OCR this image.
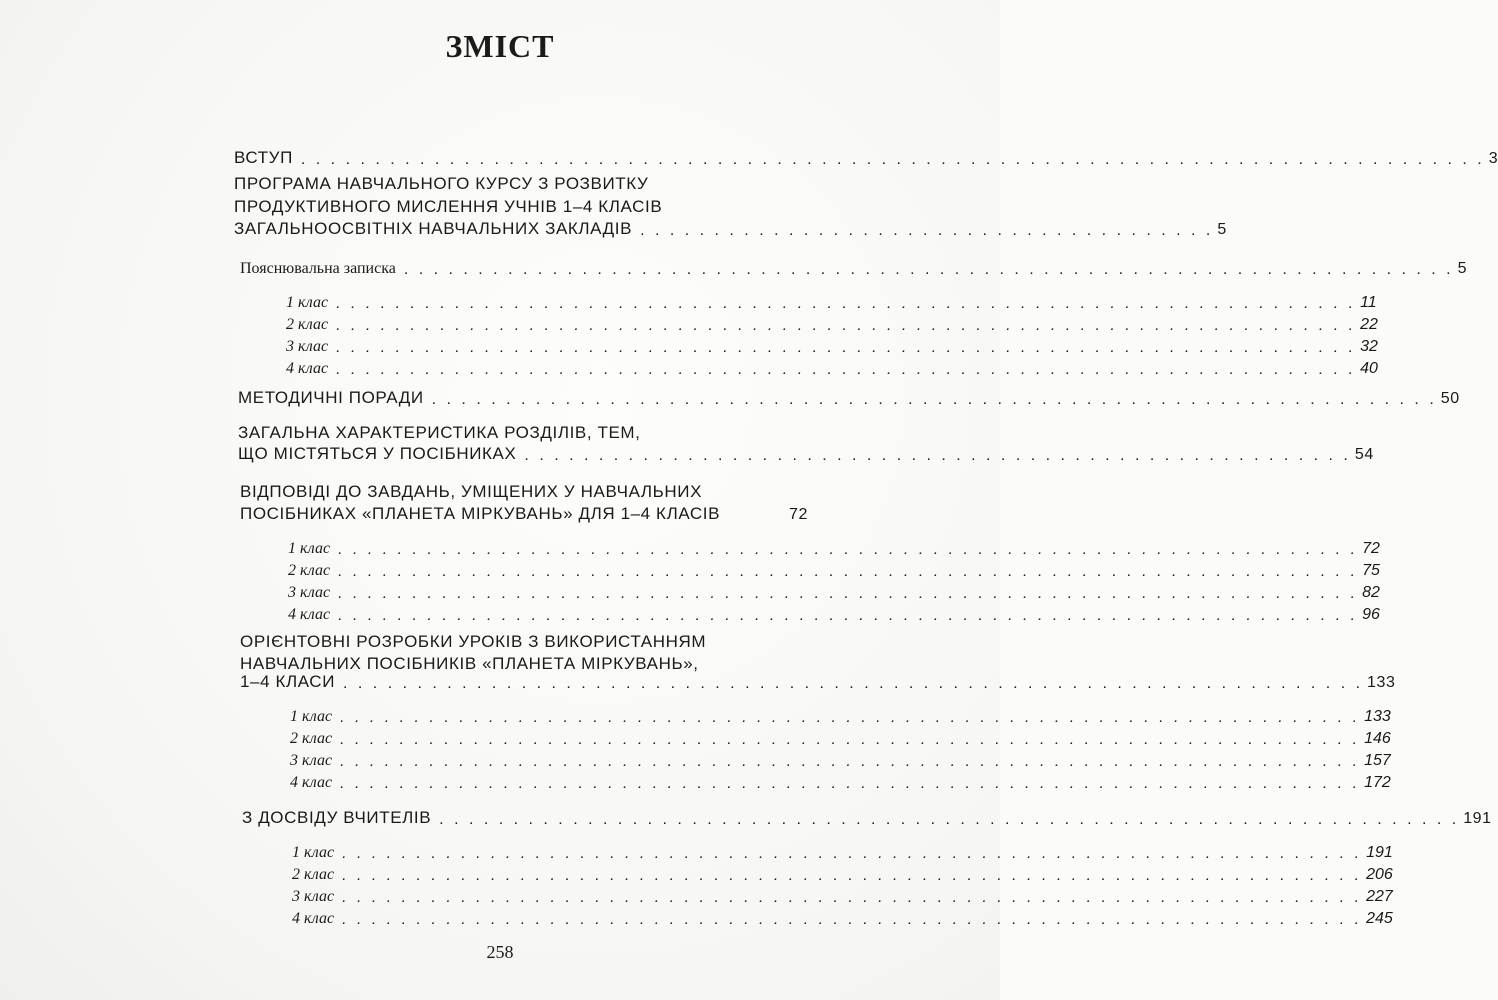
ЗМІСТ
ВСТУП . . . . . . . . . . . . . . . . . . . . . . . . . . . . . . . . . . . . . . . . . . . . . . . . . . . . . . . . . . . . . . . . . . . . . . . . . . . . . . . . 3
ПРОГРАМА НАВЧАЛЬНОГО КУРСУ З РОЗВИТКУ
ПРОДУКТИВНОГО МИСЛЕННЯ УЧНІВ 1–4 КЛАСІВ
ЗАГАЛЬНООСВІТНІХ НАВЧАЛЬНИХ ЗАКЛАДІВ . . . . . . . . . . . . . . . . . . . . . . . . . . . . . . . . . . . . . . . 5
Пояснювальна записка . . . . . . . . . . . . . . . . . . . . . . . . . . . . . . . . . . . . . . . . . . . . . . . . . . . . . . . . . . . . . . . . . . . . . . . 5
1 клас . . . . . . . . . . . . . . . . . . . . . . . . . . . . . . . . . . . . . . . . . . . . . . . . . . . . . . . . . . . . . . . . . . . . . 11
2 клас . . . . . . . . . . . . . . . . . . . . . . . . . . . . . . . . . . . . . . . . . . . . . . . . . . . . . . . . . . . . . . . . . . . . . 22
3 клас . . . . . . . . . . . . . . . . . . . . . . . . . . . . . . . . . . . . . . . . . . . . . . . . . . . . . . . . . . . . . . . . . . . . . 32
4 клас . . . . . . . . . . . . . . . . . . . . . . . . . . . . . . . . . . . . . . . . . . . . . . . . . . . . . . . . . . . . . . . . . . . . . 40
МЕТОДИЧНІ ПОРАДИ . . . . . . . . . . . . . . . . . . . . . . . . . . . . . . . . . . . . . . . . . . . . . . . . . . . . . . . . . . . . . . . . . . . . 50
ЗАГАЛЬНА ХАРАКТЕРИСТИКА РОЗДІЛІВ, ТЕМ,
ЩО МІСТЯТЬСЯ У ПОСІБНИКАХ . . . . . . . . . . . . . . . . . . . . . . . . . . . . . . . . . . . . . . . . . . . . . . . . . . . . . . . . 54
ВІДПОВІДІ ДО ЗАВДАНЬ, УМІЩЕНИХ У НАВЧАЛЬНИХ
ПОСІБНИКАХ «ПЛАНЕТА МІРКУВАНЬ» ДЛЯ 1–4 КЛАСІВ	72
1 клас . . . . . . . . . . . . . . . . . . . . . . . . . . . . . . . . . . . . . . . . . . . . . . . . . . . . . . . . . . . . . . . . . . . . . 72
2 клас . . . . . . . . . . . . . . . . . . . . . . . . . . . . . . . . . . . . . . . . . . . . . . . . . . . . . . . . . . . . . . . . . . . . . 75
3 клас . . . . . . . . . . . . . . . . . . . . . . . . . . . . . . . . . . . . . . . . . . . . . . . . . . . . . . . . . . . . . . . . . . . . . 82
4 клас . . . . . . . . . . . . . . . . . . . . . . . . . . . . . . . . . . . . . . . . . . . . . . . . . . . . . . . . . . . . . . . . . . . . . 96
ОРІЄНТОВНІ РОЗРОБКИ УРОКІВ З ВИКОРИСТАННЯМ
НАВЧАЛЬНИХ ПОСІБНИКІВ «ПЛАНЕТА МІРКУВАНЬ»,
1–4 КЛАСИ . . . . . . . . . . . . . . . . . . . . . . . . . . . . . . . . . . . . . . . . . . . . . . . . . . . . . . . . . . . . . . . . . . . . . 133
1 клас . . . . . . . . . . . . . . . . . . . . . . . . . . . . . . . . . . . . . . . . . . . . . . . . . . . . . . . . . . . . . . . . . . . . . 133
2 клас . . . . . . . . . . . . . . . . . . . . . . . . . . . . . . . . . . . . . . . . . . . . . . . . . . . . . . . . . . . . . . . . . . . . . 146
3 клас . . . . . . . . . . . . . . . . . . . . . . . . . . . . . . . . . . . . . . . . . . . . . . . . . . . . . . . . . . . . . . . . . . . . . 157
4 клас . . . . . . . . . . . . . . . . . . . . . . . . . . . . . . . . . . . . . . . . . . . . . . . . . . . . . . . . . . . . . . . . . . . . . 172
З ДОСВІДУ ВЧИТЕЛІВ . . . . . . . . . . . . . . . . . . . . . . . . . . . . . . . . . . . . . . . . . . . . . . . . . . . . . . . . . . . . . . . . . . . . . 191
1 клас . . . . . . . . . . . . . . . . . . . . . . . . . . . . . . . . . . . . . . . . . . . . . . . . . . . . . . . . . . . . . . . . . . . . . 191
2 клас . . . . . . . . . . . . . . . . . . . . . . . . . . . . . . . . . . . . . . . . . . . . . . . . . . . . . . . . . . . . . . . . . . . . . 206
3 клас . . . . . . . . . . . . . . . . . . . . . . . . . . . . . . . . . . . . . . . . . . . . . . . . . . . . . . . . . . . . . . . . . . . . . 227
4 клас . . . . . . . . . . . . . . . . . . . . . . . . . . . . . . . . . . . . . . . . . . . . . . . . . . . . . . . . . . . . . . . . . . . . . 245
258
